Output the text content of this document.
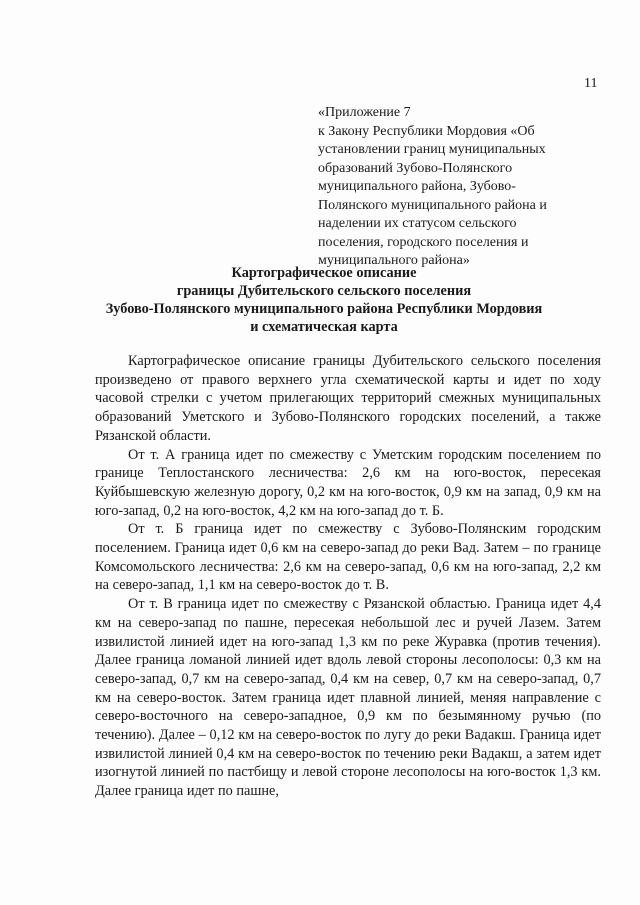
11
«Приложение 7
к Закону Республики Мордовия «Об
установлении границ муниципальных
образований Зубово-Полянского
муниципального района, Зубово-
Полянского муниципального района и
наделении их статусом сельского
поселения, городского поселения и
муниципального района»
Картографическое описание
границы Дубительского сельского поселения
Зубово-Полянского муниципального района Республики Мордовия
и схематическая карта

Картографическое описание границы Дубительского сельского поселения произведено от правого верхнего угла схематической карты и идет по ходу часовой стрелки с учетом прилегающих территорий смежных муниципальных образований Уметского и Зубово-Полянского городских поселений, а также Рязанской области.

От т. А граница идет по смежеству с Уметским городским поселением по границе Теплостанского лесничества: 2,6 км на юго-восток, пересекая Куйбышевскую железную дорогу, 0,2 км на юго-восток, 0,9 км на запад, 0,9 км на юго-запад, 0,2 на юго-восток, 4,2 км на юго-запад до т. Б.

От т. Б граница идет по смежеству с Зубово-Полянским городским поселением. Граница идет 0,6 км на северо-запад до реки Вад. Затем – по границе Комсомольского лесничества: 2,6 км на северо-запад, 0,6 км на юго-запад, 2,2 км на северо-запад, 1,1 км на северо-восток до т. В.

От т. В граница идет по смежеству с Рязанской областью. Граница идет 4,4 км на северо-запад по пашне, пересекая небольшой лес и ручей Лазем. Затем извилистой линией идет на юго-запад 1,3 км по реке Журавка (против течения). Далее граница ломаной линией идет вдоль левой стороны лесополосы: 0,3 км на северо-запад, 0,7 км на северо-запад, 0,4 км на север, 0,7 км на северо-запад, 0,7 км на северо-восток. Затем граница идет плавной линией, меняя направление с северо-восточного на северо-западное, 0,9 км по безымянному ручью (по течению). Далее – 0,12 км на северо-восток по лугу до реки Вадакш. Граница идет извилистой линией 0,4 км на северо-восток по течению реки Вадакш, а затем идет изогнутой линией по пастбищу и левой стороне лесополосы на юго-восток 1,3 км. Далее граница идет по пашне,
